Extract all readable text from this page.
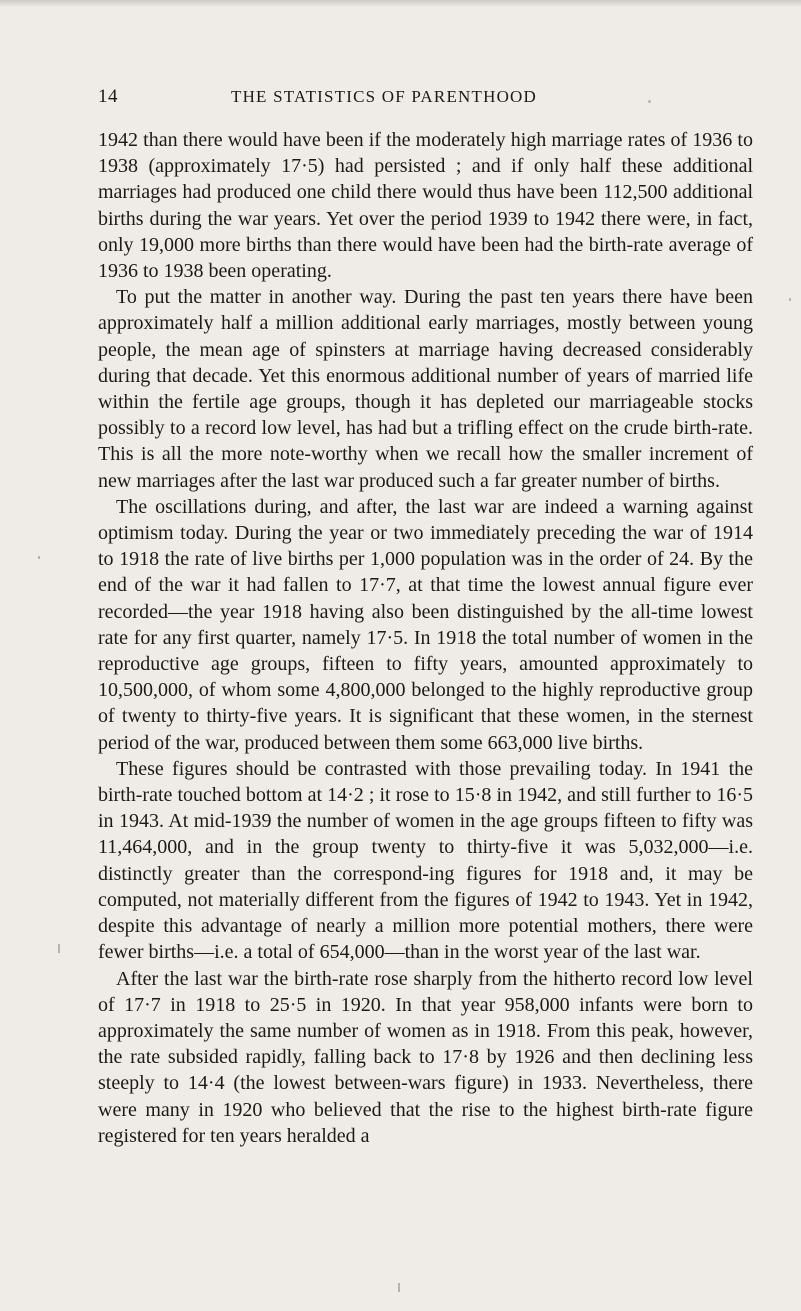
14	THE STATISTICS OF PARENTHOOD

1942 than there would have been if the moderately high marriage rates of 1936 to 1938 (approximately 17·5) had persisted ; and if only half these additional marriages had produced one child there would thus have been 112,500 additional births during the war years. Yet over the period 1939 to 1942 there were, in fact, only 19,000 more births than there would have been had the birth-rate average of 1936 to 1938 been operating.

To put the matter in another way. During the past ten years there have been approximately half a million additional early marriages, mostly between young people, the mean age of spinsters at marriage having decreased considerably during that decade. Yet this enormous additional number of years of married life within the fertile age groups, though it has depleted our marriageable stocks possibly to a record low level, has had but a trifling effect on the crude birth-rate. This is all the more note-worthy when we recall how the smaller increment of new marriages after the last war produced such a far greater number of births.

The oscillations during, and after, the last war are indeed a warning against optimism today. During the year or two immediately preceding the war of 1914 to 1918 the rate of live births per 1,000 population was in the order of 24. By the end of the war it had fallen to 17·7, at that time the lowest annual figure ever recorded—the year 1918 having also been distinguished by the all-time lowest rate for any first quarter, namely 17·5. In 1918 the total number of women in the reproductive age groups, fifteen to fifty years, amounted approximately to 10,500,000, of whom some 4,800,000 belonged to the highly reproductive group of twenty to thirty-five years. It is significant that these women, in the sternest period of the war, produced between them some 663,000 live births.

These figures should be contrasted with those prevailing today. In 1941 the birth-rate touched bottom at 14·2 ; it rose to 15·8 in 1942, and still further to 16·5 in 1943. At mid-1939 the number of women in the age groups fifteen to fifty was 11,464,000, and in the group twenty to thirty-five it was 5,032,000—i.e. distinctly greater than the correspond-ing figures for 1918 and, it may be computed, not materially different from the figures of 1942 to 1943. Yet in 1942, despite this advantage of nearly a million more potential mothers, there were fewer births—i.e. a total of 654,000—than in the worst year of the last war.

After the last war the birth-rate rose sharply from the hitherto record low level of 17·7 in 1918 to 25·5 in 1920. In that year 958,000 infants were born to approximately the same number of women as in 1918. From this peak, however, the rate subsided rapidly, falling back to 17·8 by 1926 and then declining less steeply to 14·4 (the lowest between-wars figure) in 1933. Nevertheless, there were many in 1920 who believed that the rise to the highest birth-rate figure registered for ten years heralded a
